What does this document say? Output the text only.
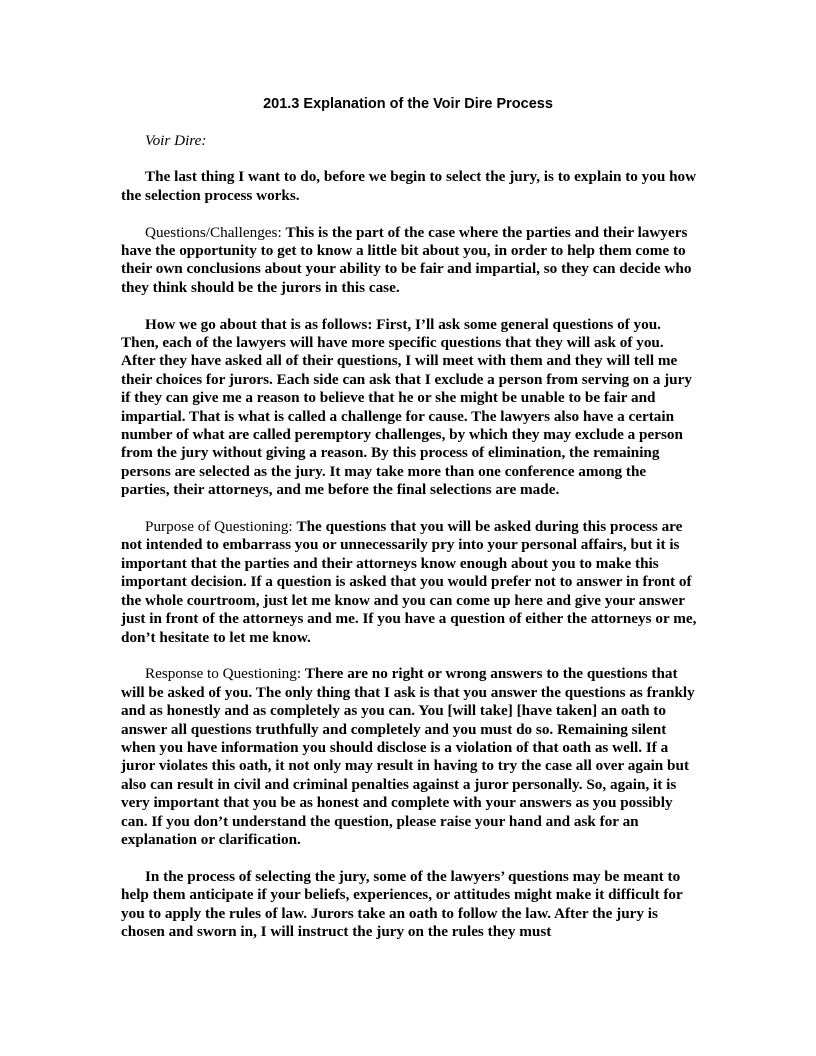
201.3 Explanation of the Voir Dire Process

Voir Dire:

The last thing I want to do, before we begin to select the jury, is to explain to you how the selection process works.

Questions/Challenges: This is the part of the case where the parties and their lawyers have the opportunity to get to know a little bit about you, in order to help them come to their own conclusions about your ability to be fair and impartial, so they can decide who they think should be the jurors in this case.

How we go about that is as follows: First, I’ll ask some general questions of you. Then, each of the lawyers will have more specific questions that they will ask of you. After they have asked all of their questions, I will meet with them and they will tell me their choices for jurors. Each side can ask that I exclude a person from serving on a jury if they can give me a reason to believe that he or she might be unable to be fair and impartial. That is what is called a challenge for cause. The lawyers also have a certain number of what are called peremptory challenges, by which they may exclude a person from the jury without giving a reason. By this process of elimination, the remaining persons are selected as the jury. It may take more than one conference among the parties, their attorneys, and me before the final selections are made.

Purpose of Questioning: The questions that you will be asked during this process are not intended to embarrass you or unnecessarily pry into your personal affairs, but it is important that the parties and their attorneys know enough about you to make this important decision. If a question is asked that you would prefer not to answer in front of the whole courtroom, just let me know and you can come up here and give your answer just in front of the attorneys and me. If you have a question of either the attorneys or me, don’t hesitate to let me know.

Response to Questioning: There are no right or wrong answers to the questions that will be asked of you. The only thing that I ask is that you answer the questions as frankly and as honestly and as completely as you can. You [will take] [have taken] an oath to answer all questions truthfully and completely and you must do so. Remaining silent when you have information you should disclose is a violation of that oath as well. If a juror violates this oath, it not only may result in having to try the case all over again but also can result in civil and criminal penalties against a juror personally. So, again, it is very important that you be as honest and complete with your answers as you possibly can. If you don’t understand the question, please raise your hand and ask for an explanation or clarification.

In the process of selecting the jury, some of the lawyers’ questions may be meant to help them anticipate if your beliefs, experiences, or attitudes might make it difficult for you to apply the rules of law. Jurors take an oath to follow the law. After the jury is chosen and sworn in, I will instruct the jury on the rules they must
